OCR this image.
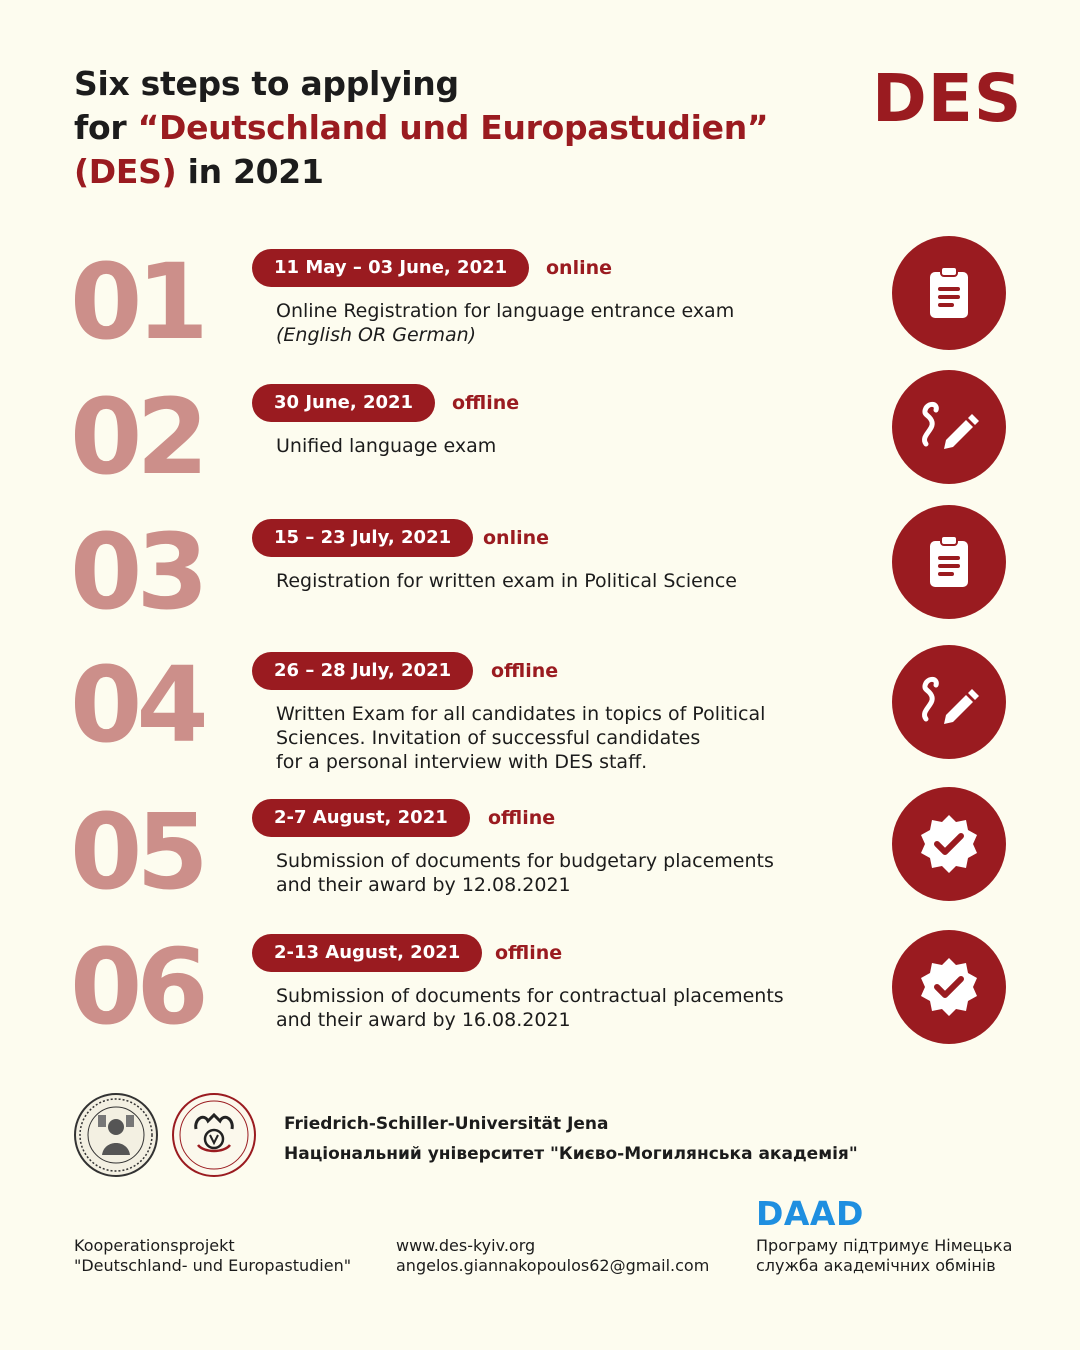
Six steps to applying
for “Deutschland und Europastudien”
(DES) in 2021
DES
01	11 May – 03 June, 2021	online
Online Registration for language entrance exam
(English OR German)
02	30 June, 2021	offline
Unified language exam
03	15 – 23 July, 2021	online
Registration for written exam in Political Science
04	26 – 28 July, 2021	offline
Written Exam for all candidates in topics of Political
Sciences. Invitation of successful candidates
for a personal interview with DES staff.
05	2-7 August, 2021	offline
Submission of documents for budgetary placements
and their award by 12.08.2021
06	2-13 August, 2021	offline
Submission of documents for contractual placements
and their award by 16.08.2021
Friedrich-Schiller-Universität Jena
Національний університет "Києво-Могилянська академія"
Kooperationsprojekt
"Deutschland- und Europastudien"
www.des-kyiv.org
angelos.giannakopoulos62@gmail.com
DAAD
Програму підтримує Німецька
служба академічних обмінів
